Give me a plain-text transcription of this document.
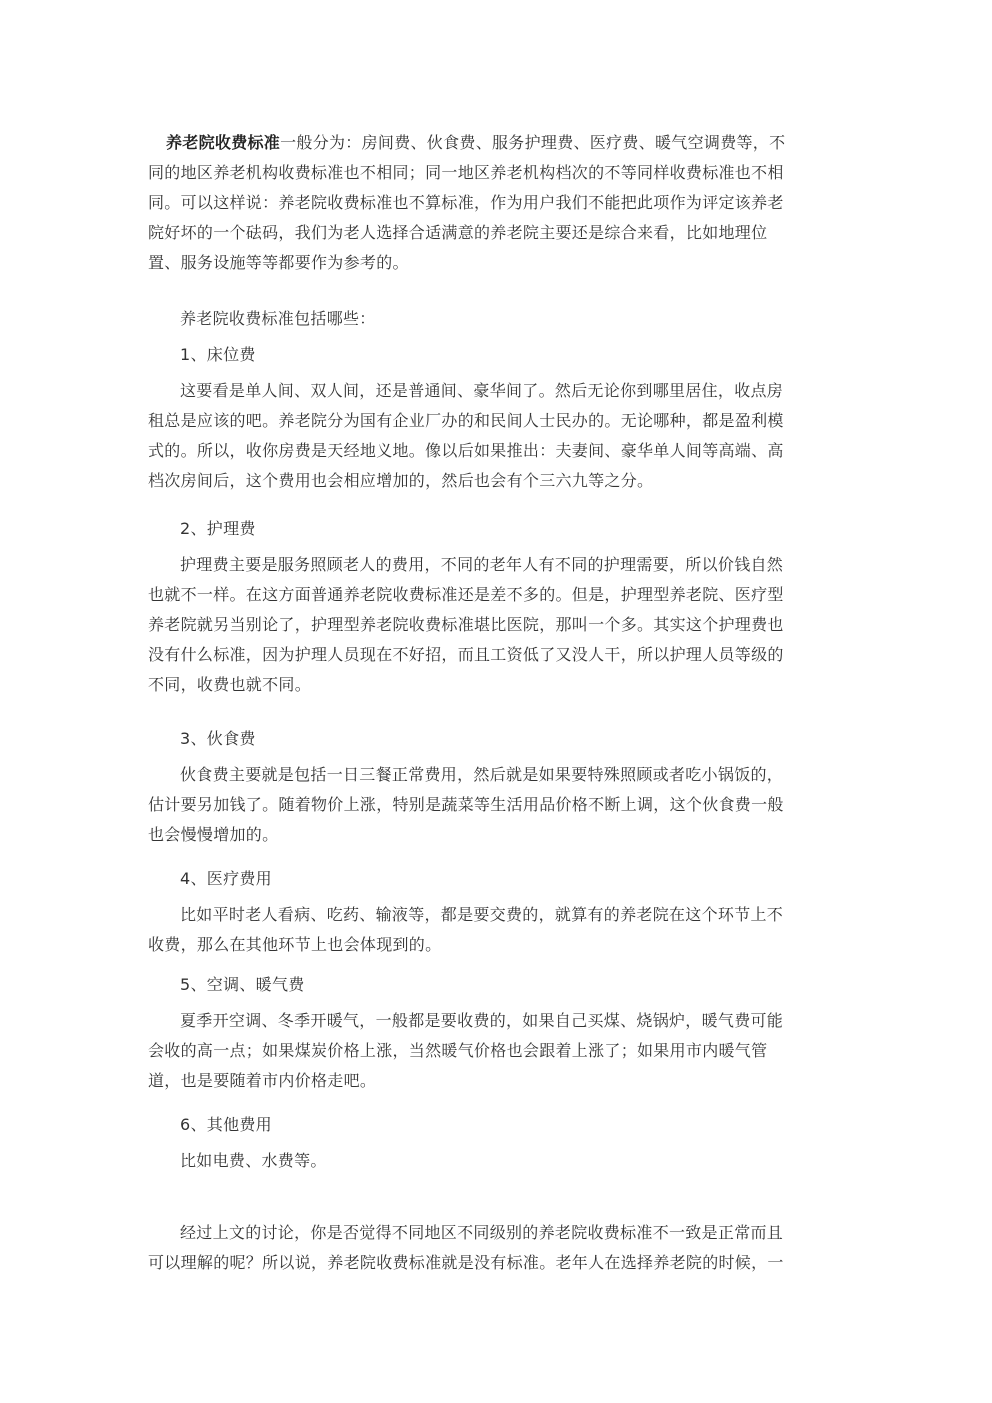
养老院收费标准一般分为：房间费、伙食费、服务护理费、医疗费、暖气空调费等，不
同的地区养老机构收费标准也不相同；同一地区养老机构档次的不等同样收费标准也不相
同。可以这样说：养老院收费标准也不算标准，作为用户我们不能把此项作为评定该养老
院好坏的一个砝码，我们为老人选择合适满意的养老院主要还是综合来看，比如地理位
置、服务设施等等都要作为参考的。
养老院收费标准包括哪些：
1、床位费
这要看是单人间、双人间，还是普通间、豪华间了。然后无论你到哪里居住，收点房
租总是应该的吧。养老院分为国有企业厂办的和民间人士民办的。无论哪种，都是盈利模
式的。所以，收你房费是天经地义地。像以后如果推出：夫妻间、豪华单人间等高端、高
档次房间后，这个费用也会相应增加的，然后也会有个三六九等之分。
2、护理费
护理费主要是服务照顾老人的费用，不同的老年人有不同的护理需要，所以价钱自然
也就不一样。在这方面普通养老院收费标准还是差不多的。但是，护理型养老院、医疗型
养老院就另当别论了，护理型养老院收费标准堪比医院，那叫一个多。其实这个护理费也
没有什么标准，因为护理人员现在不好招，而且工资低了又没人干，所以护理人员等级的
不同，收费也就不同。
3、伙食费
伙食费主要就是包括一日三餐正常费用，然后就是如果要特殊照顾或者吃小锅饭的，
估计要另加钱了。随着物价上涨，特别是蔬菜等生活用品价格不断上调，这个伙食费一般
也会慢慢增加的。
4、医疗费用
比如平时老人看病、吃药、输液等，都是要交费的，就算有的养老院在这个环节上不
收费，那么在其他环节上也会体现到的。
5、空调、暖气费
夏季开空调、冬季开暖气，一般都是要收费的，如果自己买煤、烧锅炉，暖气费可能
会收的高一点；如果煤炭价格上涨，当然暖气价格也会跟着上涨了；如果用市内暖气管
道，也是要随着市内价格走吧。
6、其他费用
比如电费、水费等。
经过上文的讨论，你是否觉得不同地区不同级别的养老院收费标准不一致是正常而且
可以理解的呢？所以说，养老院收费标准就是没有标准。老年人在选择养老院的时候，一
